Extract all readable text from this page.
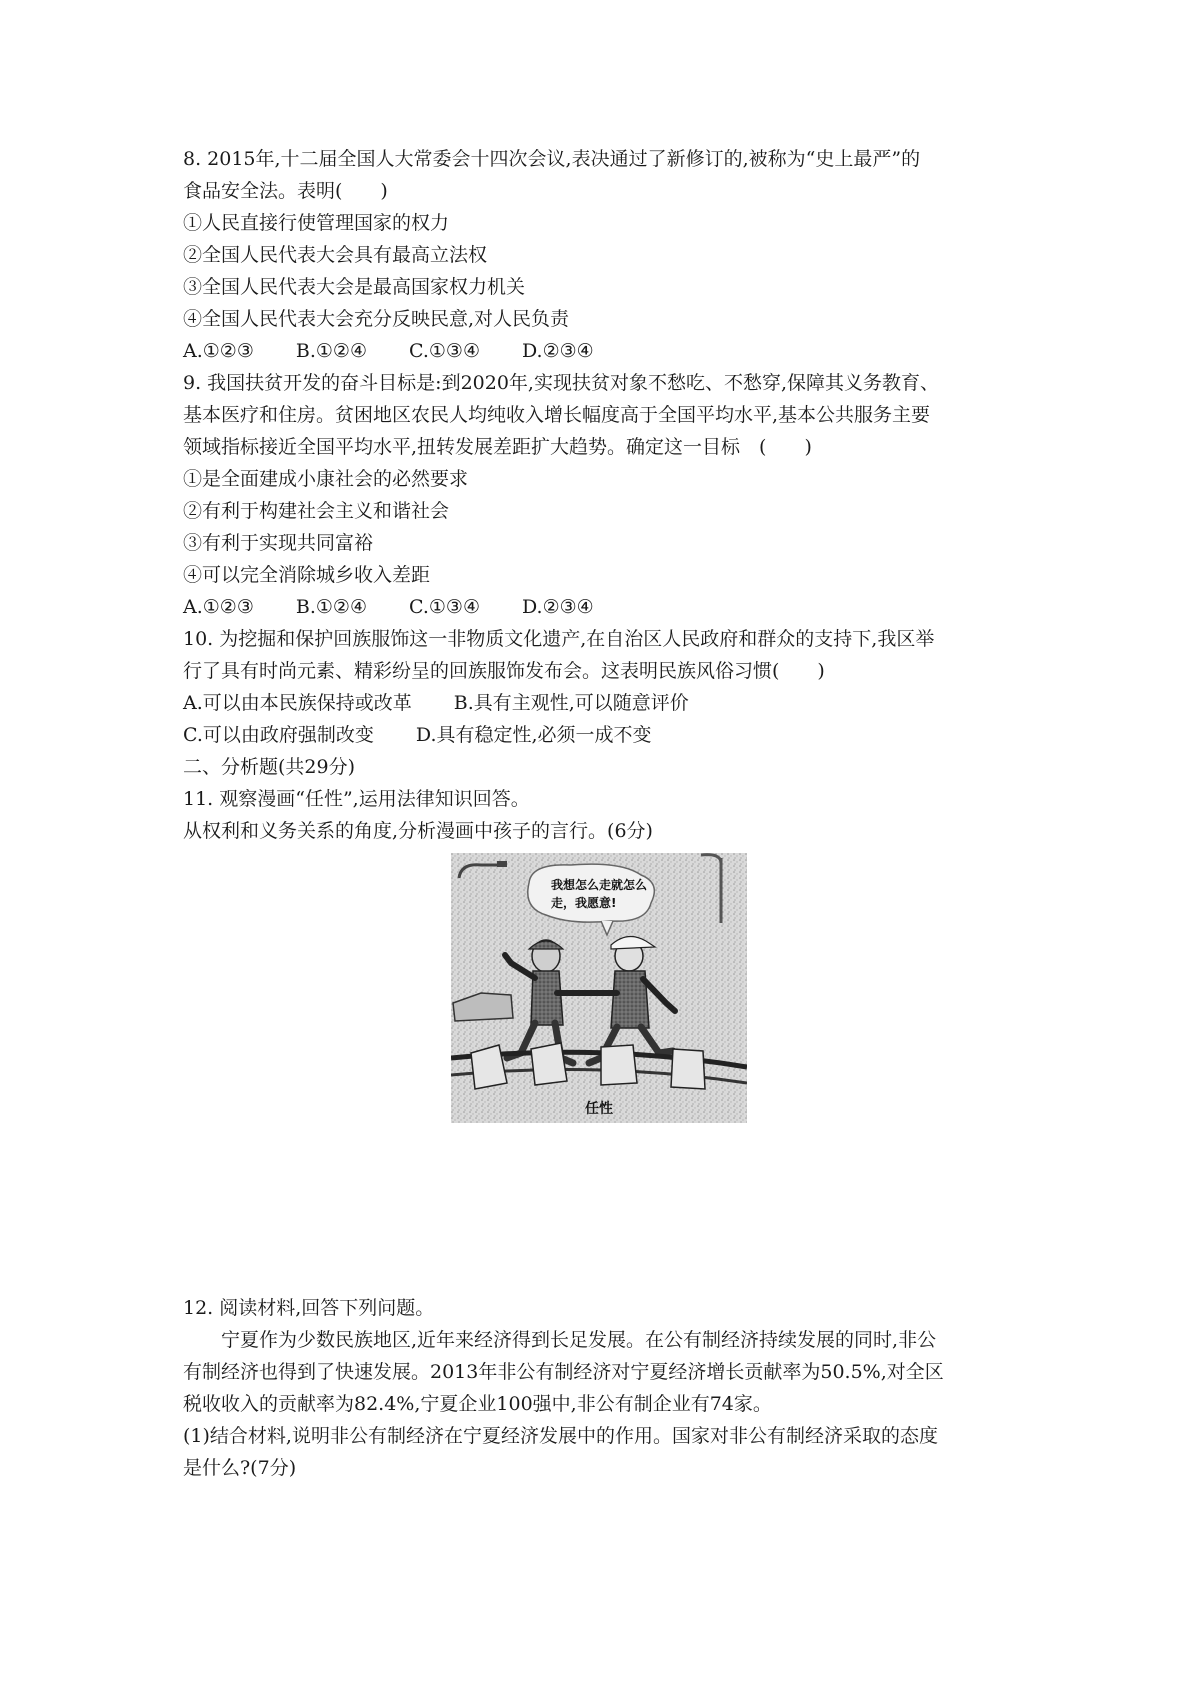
8. 2015年,十二届全国人大常委会十四次会议,表决通过了新修订的,被称为“史上最严”的
食品安全法。表明(　　)
①人民直接行使管理国家的权力
②全国人民代表大会具有最高立法权
③全国人民代表大会是最高国家权力机关
④全国人民代表大会充分反映民意,对人民负责
A.①②③ B.①②④ C.①③④ D.②③④
9. 我国扶贫开发的奋斗目标是:到2020年,实现扶贫对象不愁吃、不愁穿,保障其义务教育、
基本医疗和住房。贫困地区农民人均纯收入增长幅度高于全国平均水平,基本公共服务主要
领域指标接近全国平均水平,扭转发展差距扩大趋势。确定这一目标　(　　)
①是全面建成小康社会的必然要求
②有利于构建社会主义和谐社会
③有利于实现共同富裕
④可以完全消除城乡收入差距
A.①②③ B.①②④ C.①③④ D.②③④
10. 为挖掘和保护回族服饰这一非物质文化遗产,在自治区人民政府和群众的支持下,我区举
行了具有时尚元素、精彩纷呈的回族服饰发布会。这表明民族风俗习惯(　　)
A.可以由本民族保持或改革 B.具有主观性,可以随意评价
C.可以由政府强制改变 D.具有稳定性,必须一成不变
二、分析题(共29分)
11. 观察漫画“任性”,运用法律知识回答。
从权利和义务关系的角度,分析漫画中孩子的言行。(6分)
我想怎么走就怎么
走，我愿意!
任性
12. 阅读材料,回答下列问题。
宁夏作为少数民族地区,近年来经济得到长足发展。在公有制经济持续发展的同时,非公
有制经济也得到了快速发展。2013年非公有制经济对宁夏经济增长贡献率为50.5%,对全区
税收收入的贡献率为82.4%,宁夏企业100强中,非公有制企业有74家。
(1)结合材料,说明非公有制经济在宁夏经济发展中的作用。国家对非公有制经济采取的态度
是什么?(7分)
